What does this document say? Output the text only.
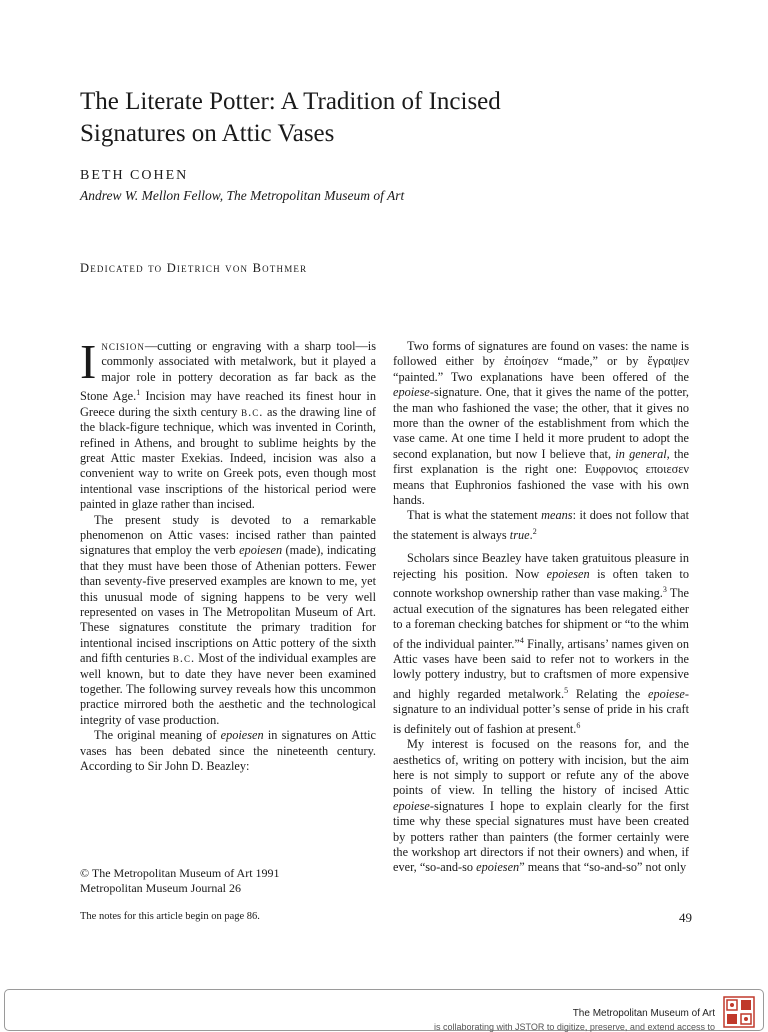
The Literate Potter: A Tradition of Incised
Signatures on Attic Vases
BETH COHEN
Andrew W. Mellon Fellow, The Metropolitan Museum of Art
Dedicated to Dietrich von Bothmer

Incision—cutting or engraving with a sharp tool—is commonly associated with metalwork, but it played a major role in pottery decoration as far back as the Stone Age.$^1$ Incision may have reached its finest hour in Greece during the sixth century b.c. as the drawing line of the black-figure technique, which was invented in Corinth, refined in Athens, and brought to sublime heights by the great Attic master Exekias. Indeed, incision was also a convenient way to write on Greek pots, even though most intentional vase inscriptions of the historical period were painted in glaze rather than incised.

The present study is devoted to a remarkable phenomenon on Attic vases: incised rather than painted signatures that employ the verb epoiesen (made), indicating that they must have been those of Athenian potters. Fewer than seventy-five preserved examples are known to me, yet this unusual mode of signing happens to be very well represented on vases in The Metropolitan Museum of Art. These signatures constitute the primary tradition for intentional incised inscriptions on Attic pottery of the sixth and fifth centuries b.c. Most of the individual examples are well known, but to date they have never been examined together. The following survey reveals how this uncommon practice mirrored both the aesthetic and the technological integrity of vase production.

The original meaning of epoiesen in signatures on Attic vases has been debated since the nineteenth century. According to Sir John D. Beazley:

Two forms of signatures are found on vases: the name is followed either by ἐποίησεν “made,” or by ἔγραψεν “painted.” Two explanations have been offered of the epoiese-signature. One, that it gives the name of the potter, the man who fashioned the vase; the other, that it gives no more than the owner of the establishment from which the vase came. At one time I held it more prudent to adopt the second explanation, but now I believe that, in general, the first explanation is the right one: Ευφρονιος εποιεσεν means that Euphronios fashioned the vase with his own hands.

That is what the statement means: it does not follow that the statement is always true.$^2$

Scholars since Beazley have taken gratuitous pleasure in rejecting his position. Now epoiesen is often taken to connote workshop ownership rather than vase making.$^3$ The actual execution of the signatures has been relegated either to a foreman checking batches for shipment or “to the whim of the individual painter.”$^4$ Finally, artisans’ names given on Attic vases have been said to refer not to workers in the lowly pottery industry, but to craftsmen of more expensive and highly regarded metalwork.$^5$ Relating the epoiese-signature to an individual potter’s sense of pride in his craft is definitely out of fashion at present.$^6$

My interest is focused on the reasons for, and the aesthetics of, writing on pottery with incision, but the aim here is not simply to support or refute any of the above points of view. In telling the history of incised Attic epoiese-signatures I hope to explain clearly for the first time why these special signatures must have been created by potters rather than painters (the former certainly were the workshop art directors if not their owners) and when, if ever, “so-and-so epoiesen” means that “so-and-so” not only

© The Metropolitan Museum of Art 1991
Metropolitan Museum Journal 26
The notes for this article begin on page 86.	49
The Metropolitan Museum of Art
is collaborating with JSTOR to digitize, preserve, and extend access to
